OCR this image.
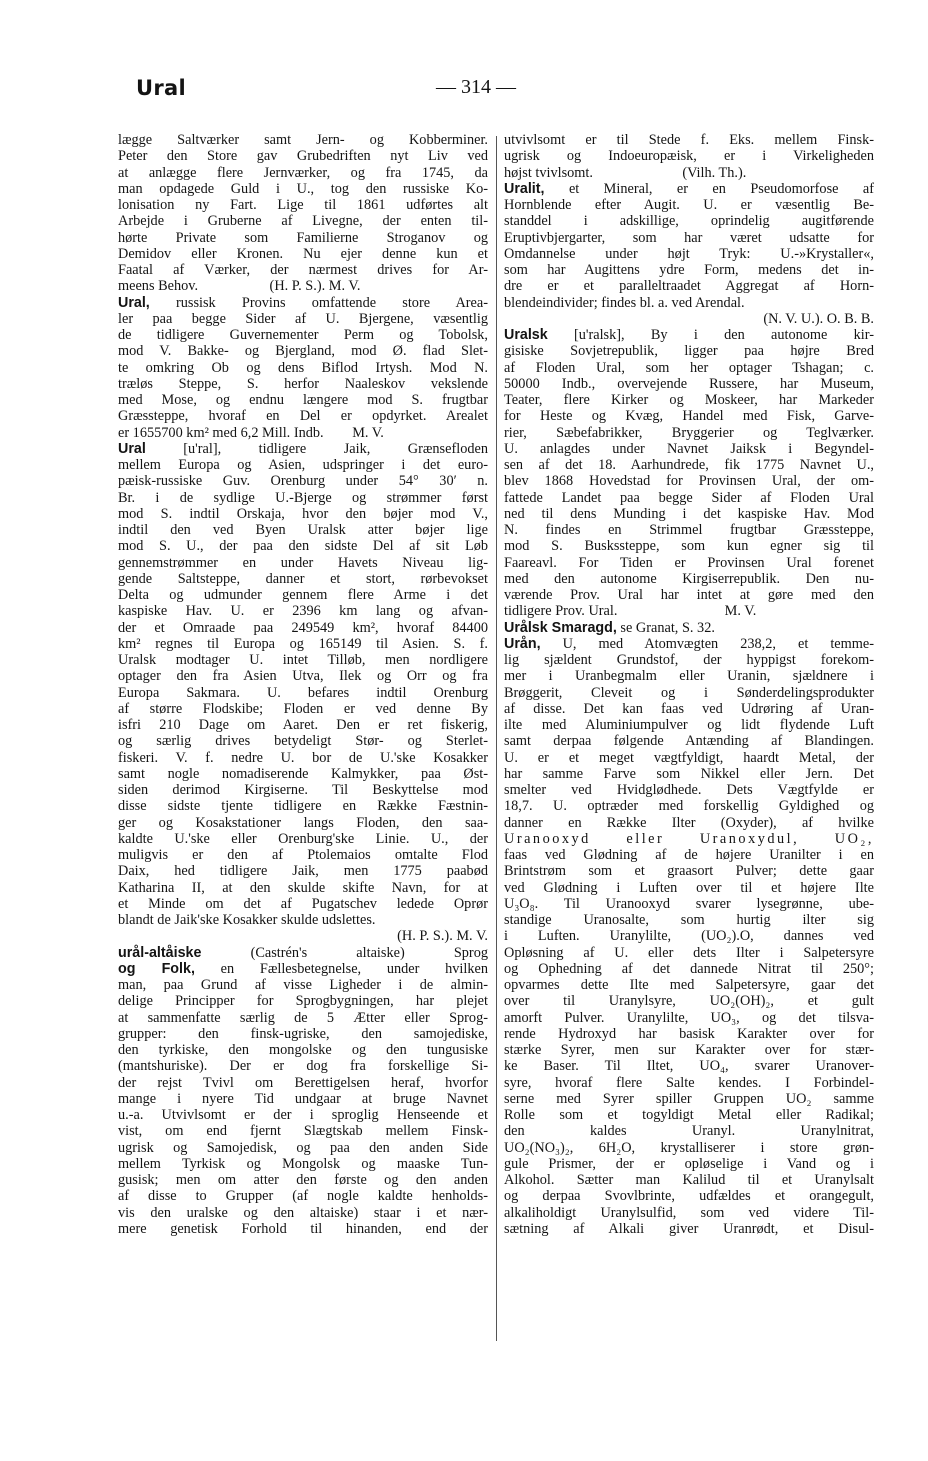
Ural	— 314 —
lægge Saltværker samt Jern- og Kobberminer.
Peter den Store gav Grubedriften nyt Liv ved
at anlægge flere Jernværker, og fra 1745, da
man opdagede Guld i U., tog den russiske Ko-
lonisation ny Fart. Lige til 1861 udførtes alt
Arbejde i Gruberne af Livegne, der enten til-
hørte Private som Familierne Stroganov og
Demidov eller Kronen. Nu ejer denne kun et
Faatal af Værker, der nærmest drives for Ar-
meens Behov.                    (H. P. S.). M. V.
Ural, russisk Provins omfattende store Area-
ler paa begge Sider af U. Bjergene, væsentlig
de tidligere Guvernementer Perm og Tobolsk,
mod V. Bakke- og Bjergland, mod Ø. flad Slet-
te omkring Ob og dens Biflod Irtysh. Mod N.
træløs Steppe, S. herfor Naaleskov vekslende
med Mose, og endnu længere mod S. frugtbar
Græssteppe, hvoraf en Del er opdyrket. Arealet
er 1655700 km² med 6,2 Mill. Indb.        M. V.
Ural [u'ral], tidligere Jaik, Grænsefloden
mellem Europa og Asien, udspringer i det euro-
pæisk-russiske Guv. Orenburg under 54° 30′ n.
Br. i de sydlige U.-Bjerge og strømmer først
mod S. indtil Orskaja, hvor den bøjer mod V.,
indtil den ved Byen Uralsk atter bøjer lige
mod S. U., der paa den sidste Del af sit Løb
gennemstrømmer en under Havets Niveau lig-
gende Saltsteppe, danner et stort, rørbevokset
Delta og udmunder gennem flere Arme i det
kaspiske Hav. U. er 2396 km lang og afvan-
der et Omraade paa 249549 km², hvoraf 84400
km² regnes til Europa og 165149 til Asien. S. f.
Uralsk modtager U. intet Tilløb, men nordligere
optager den fra Asien Utva, Ilek og Orr og fra
Europa Sakmara. U. befares indtil Orenburg
af større Flodskibe; Floden er ved denne By
isfri 210 Dage om Aaret. Den er ret fiskerig,
og særlig drives betydeligt Stør- og Sterlet-
fiskeri. V. f. nedre U. bor de U.'ske Kosakker
samt nogle nomadiserende Kalmykker, paa Øst-
siden derimod Kirgiserne. Til Beskyttelse mod
disse sidste tjente tidligere en Række Fæstnin-
ger og Kosakstationer langs Floden, den saa-
kaldte U.'ske eller Orenburg'ske Linie. U., der
muligvis er den af Ptolemaios omtalte Flod
Daix, hed tidligere Jaik, men 1775 paabød
Katharina II, at den skulde skifte Navn, for at
et Minde om det af Pugatschev ledede Oprør
blandt de Jaik'ske Kosakker skulde udslettes.
(H. P. S.). M. V.
urål-altåiske (Castrén's altaiske) Sprog
og Folk, en Fællesbetegnelse, under hvilken
man, paa Grund af visse Ligheder i de almin-
delige Principper for Sprogbygningen, har plejet
at sammenfatte særlig de 5 Ætter eller Sprog-
grupper: den finsk-ugriske, den samojediske,
den tyrkiske, den mongolske og den tungusiske
(mantshuriske). Der er dog fra forskellige Si-
der rejst Tvivl om Berettigelsen heraf, hvorfor
mange i nyere Tid undgaar at bruge Navnet
u.-a. Utvivlsomt er der i sproglig Henseende et
vist, om end fjernt Slægtskab mellem Finsk-
ugrisk og Samojedisk, og paa den anden Side
mellem Tyrkisk og Mongolsk og maaske Tun-
gusisk; men om atter den første og den anden
af disse to Grupper (af nogle kaldte henholds-
vis den uralske og den altaiske) staar i et nær-
mere genetisk Forhold til hinanden, end der
utvivlsomt er til Stede f. Eks. mellem Finsk-
ugrisk og Indoeuropæisk, er i Virkeligheden
højst tvivlsomt.                         (Vilh. Th.).
Uralit, et Mineral, er en Pseudomorfose af
Hornblende efter Augit. U. er væsentlig Be-
standdel i adskillige, oprindelig augitførende
Eruptivbjergarter, som har været udsatte for
Omdannelse under højt Tryk: U.-»Krystaller«,
som har Augittens ydre Form, medens det in-
dre er et paralleltraadet Aggregat af Horn-
blendeindivider; findes bl. a. ved Arendal.
(N. V. U.). O. B. B.
Uralsk [u'ralsk], By i den autonome kir-
gisiske Sovjetrepublik, ligger paa højre Bred
af Floden Ural, som her optager Tshagan; c.
50000 Indb., overvejende Russere, har Museum,
Teater, flere Kirker og Moskeer, har Markeder
for Heste og Kvæg, Handel med Fisk, Garve-
rier, Sæbefabrikker, Bryggerier og Teglværker.
U. anlagdes under Navnet Jaiksk i Begyndel-
sen af det 18. Aarhundrede, fik 1775 Navnet U.,
blev 1868 Hovedstad for Provinsen Ural, der om-
fattede Landet paa begge Sider af Floden Ural
ned til dens Munding i det kaspiske Hav. Mod
N. findes en Strimmel frugtbar Græssteppe,
mod S. Buskssteppe, som kun egner sig til
Faareavl. For Tiden er Provinsen Ural forenet
med den autonome Kirgiserrepublik. Den nu-
værende Prov. Ural har intet at gøre med den
tidligere Prov. Ural.                              M. V.
Urålsk Smaragd, se Granat, S. 32.
Urån, U, med Atomvægten 238,2, et temme-
lig sjældent Grundstof, der hyppigst forekom-
mer i Uranbegmalm eller Uranin, sjældnere i
Brøggerit, Cleveit og i Sønderdelingsprodukter
af disse. Det kan faas ved Udrøring af Uran-
ilte med Aluminiumpulver og lidt flydende Luft
samt derpaa følgende Antænding af Blandingen.
U. er et meget vægtfyldigt, haardt Metal, der
har samme Farve som Nikkel eller Jern. Det
smelter ved Hvidglødhede. Dets Vægtfylde er
18,7. U. optræder med forskellig Gyldighed og
danner en Række Ilter (Oxyder), af hvilke
Uranooxyd eller Uranoxydul, UO₂,
faas ved Glødning af de højere Uranilter i en
Brintstrøm som et graasort Pulver; dette gaar
ved Glødning i Luften over til et højere Ilte
U₃O₈. Til Uranooxyd svarer lysegrønne, ube-
standige Uranosalte, som hurtig ilter sig
i Luften. Uranylilte, (UO₂).O, dannes ved
Opløsning af U. eller dets Ilter i Salpetersyre
og Ophedning af det dannede Nitrat til 250°;
opvarmes dette Ilte med Salpetersyre, gaar det
over til Uranylsyre, UO₂(OH)₂, et gult
amorft Pulver. Uranylilte, UO₃, og det tilsva-
rende Hydroxyd har basisk Karakter over for
stærke Syrer, men sur Karakter over for stær-
ke Baser. Til Iltet, UO₄, svarer Uranover-
syre, hvoraf flere Salte kendes. I Forbindel-
serne med Syrer spiller Gruppen UO₂ samme
Rolle som et togyldigt Metal eller Radikal;
den kaldes Uranyl. Uranylnitrat,
UO₂(NO₃)₂, 6H₂O, krystalliserer i store grøn-
gule Prismer, der er opløselige i Vand og i
Alkohol. Sætter man Kalilud til et Uranylsalt
og derpaa Svovlbrinte, udfældes et orangegult,
alkaliholdigt Uranylsulfid, som ved videre Til-
sætning af Alkali giver Uranrødt, et Disul-
